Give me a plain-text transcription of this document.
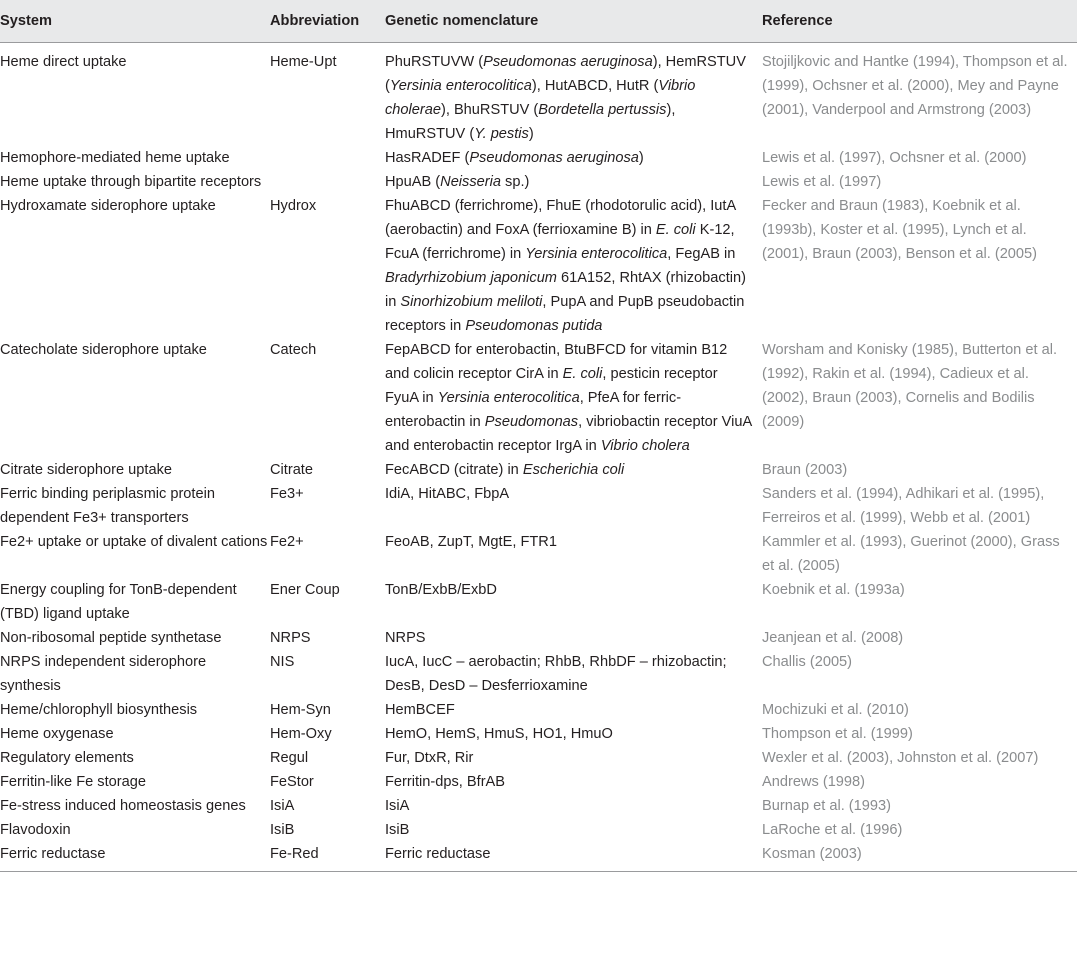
System	Abbreviation	Genetic nomenclature	Reference
Heme direct uptake	Heme-Upt	PhuRSTUVW (Pseudomonas aeruginosa), HemRSTUV (Yersinia enterocolitica), HutABCD, HutR (Vibrio cholerae), BhuRSTUV (Bordetella pertussis), HmuRSTUV (Y. pestis)	Stojiljkovic and Hantke (1994), Thompson et al. (1999), Ochsner et al. (2000), Mey and Payne (2001), Vanderpool and Armstrong (2003)
Hemophore-mediated heme uptake		HasRADEF (Pseudomonas aeruginosa)	Lewis et al. (1997), Ochsner et al. (2000)
Heme uptake through bipartite receptors		HpuAB (Neisseria sp.)	Lewis et al. (1997)
Hydroxamate siderophore uptake	Hydrox	FhuABCD (ferrichrome), FhuE (rhodotorulic acid), IutA (aerobactin) and FoxA (ferrioxamine B) in E. coli K-12, FcuA (ferrichrome) in Yersinia enterocolitica, FegAB in Bradyrhizobium japonicum 61A152, RhtAX (rhizobactin) in Sinorhizobium meliloti, PupA and PupB pseudobactin receptors in Pseudomonas putida	Fecker and Braun (1983), Koebnik et al. (1993b), Koster et al. (1995), Lynch et al. (2001), Braun (2003), Benson et al. (2005)
Catecholate siderophore uptake	Catech	FepABCD for enterobactin, BtuBFCD for vitamin B12 and colicin receptor CirA in E. coli, pesticin receptor FyuA in Yersinia enterocolitica, PfeA for ferric-enterobactin in Pseudomonas, vibriobactin receptor ViuA and enterobactin receptor IrgA in Vibrio cholera	Worsham and Konisky (1985), Butterton et al. (1992), Rakin et al. (1994), Cadieux et al. (2002), Braun (2003), Cornelis and Bodilis (2009)
Citrate siderophore uptake	Citrate	FecABCD (citrate) in Escherichia coli	Braun (2003)
Ferric binding periplasmic protein dependent Fe3+ transporters	Fe3+	IdiA, HitABC, FbpA	Sanders et al. (1994), Adhikari et al. (1995), Ferreiros et al. (1999), Webb et al. (2001)
Fe2+ uptake or uptake of divalent cations	Fe2+	FeoAB, ZupT, MgtE, FTR1	Kammler et al. (1993), Guerinot (2000), Grass et al. (2005)
Energy coupling for TonB-dependent (TBD) ligand uptake	Ener Coup	TonB/ExbB/ExbD	Koebnik et al. (1993a)
Non-ribosomal peptide synthetase	NRPS	NRPS	Jeanjean et al. (2008)
NRPS independent siderophore synthesis	NIS	IucA, IucC – aerobactin; RhbB, RhbDF – rhizobactin; DesB, DesD – Desferrioxamine	Challis (2005)
Heme/chlorophyll biosynthesis	Hem-Syn	HemBCEF	Mochizuki et al. (2010)
Heme oxygenase	Hem-Oxy	HemO, HemS, HmuS, HO1, HmuO	Thompson et al. (1999)
Regulatory elements	Regul	Fur, DtxR, Rir	Wexler et al. (2003), Johnston et al. (2007)
Ferritin-like Fe storage	FeStor	Ferritin-dps, BfrAB	Andrews (1998)
Fe-stress induced homeostasis genes	IsiA	IsiA	Burnap et al. (1993)
Flavodoxin	IsiB	IsiB	LaRoche et al. (1996)
Ferric reductase	Fe-Red	Ferric reductase	Kosman (2003)
